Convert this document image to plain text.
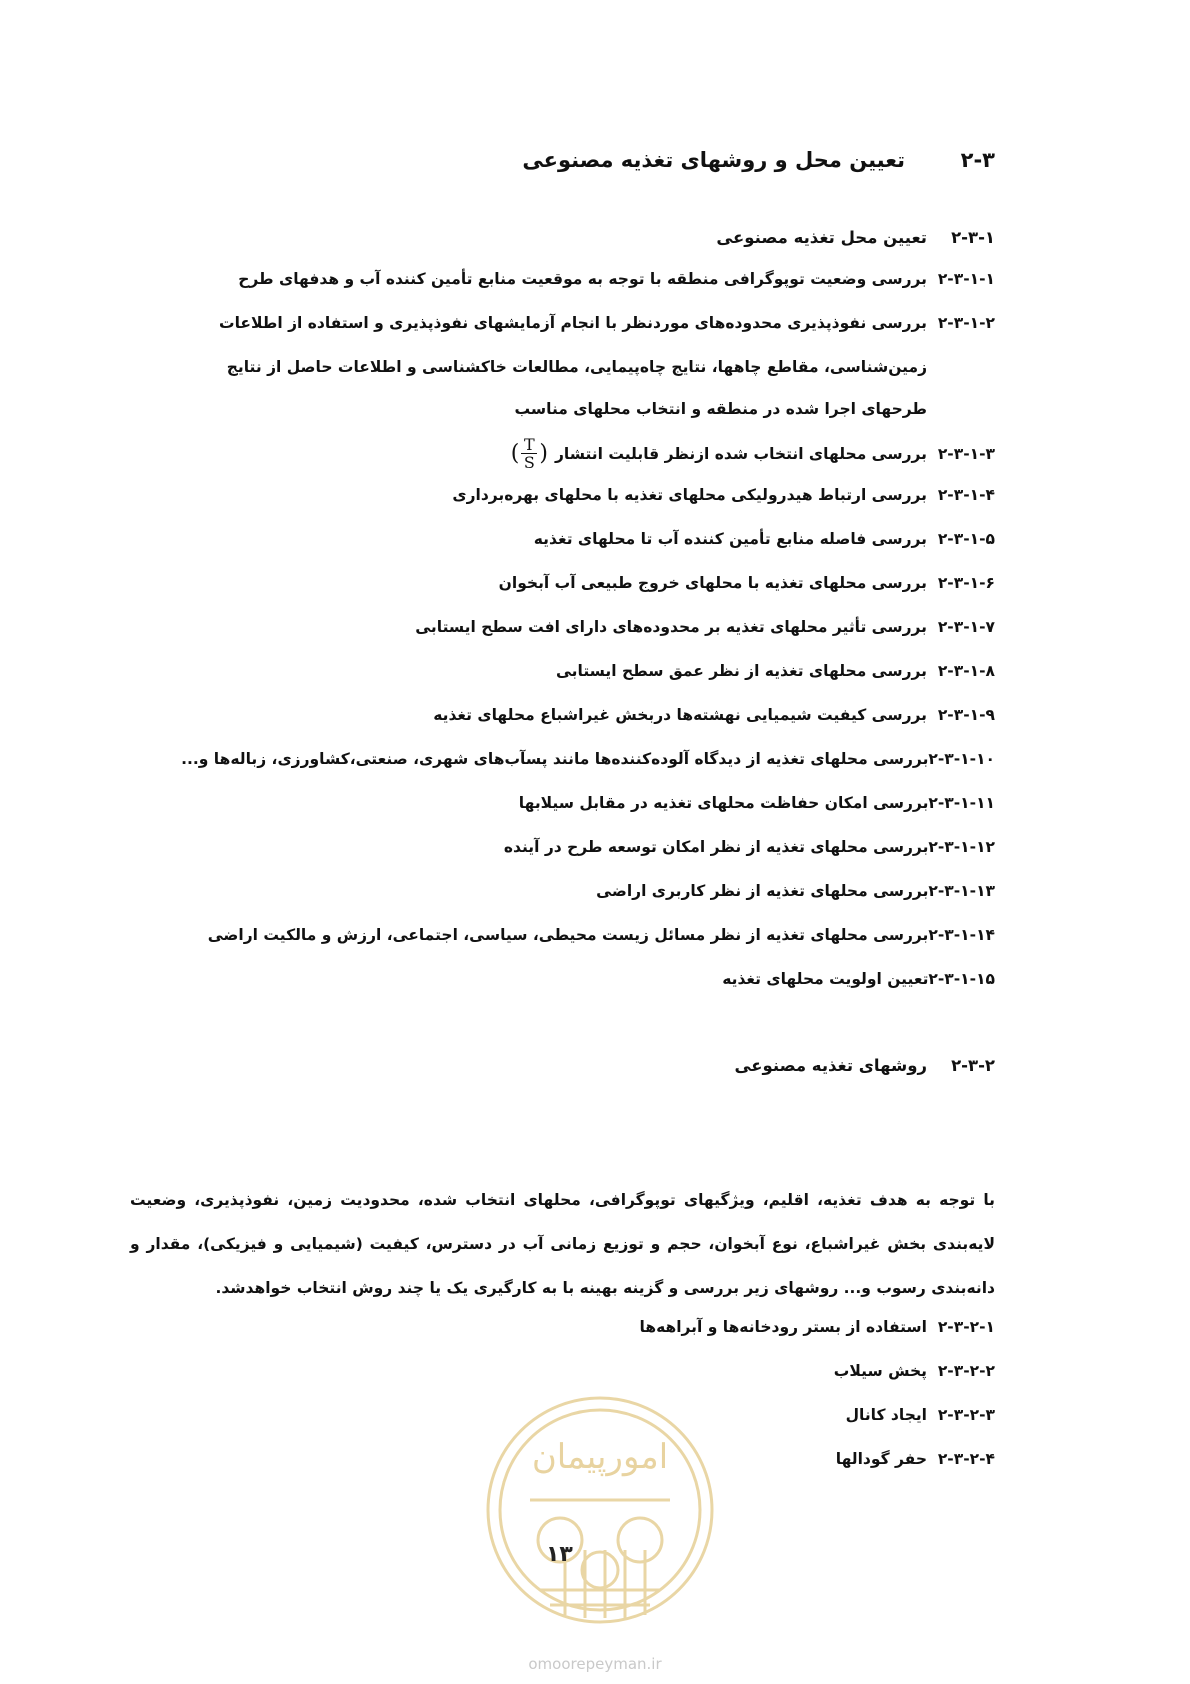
۲-۳
تعیین محل و روشهای تغذیه مصنوعی
۲-۳-۱
تعیین محل تغذیه مصنوعی
۲-۳-۱-۱
بررسی وضعیت توپوگرافی منطقه با توجه به موقعیت منابع تأمین کننده آب و هدفهای طرح
۲-۳-۱-۲
بررسی نفوذپذیری محدوده‌های موردنظر با انجام آزمایشهای نفوذپذیری و استفاده از اطلاعات
زمین‌شناسی، مقاطع چاهها، نتایج چاه‌پیمایی، مطالعات خاکشناسی و اطلاعات حاصل از نتایج
طرحهای اجرا شده در منطقه و انتخاب محلهای مناسب
۲-۳-۱-۳
بررسی محلهای انتخاب شده ازنظر قابلیت انتشار
(
$\frac{T}{S}$
)
۲-۳-۱-۴
بررسی ارتباط هیدرولیکی محلهای تغذیه با محلهای بهره‌برداری
۲-۳-۱-۵
بررسی فاصله منابع تأمین کننده آب تا محلهای تغذیه
۲-۳-۱-۶
بررسی محلهای تغذیه با محلهای خروج طبیعی آب آبخوان
۲-۳-۱-۷
بررسی تأثیر محلهای تغذیه بر محدوده‌های دارای افت سطح ایستابی
۲-۳-۱-۸
بررسی محلهای تغذیه از نظر عمق سطح ایستابی
۲-۳-۱-۹
بررسی کیفیت شیمیایی نهشته‌ها دربخش غیراشباع محلهای تغذیه
۲-۳-۱-۱۰
بررسی محلهای تغذیه از دیدگاه آلوده‌کننده‌ها مانند پسآب‌های شهری، صنعتی،کشاورزی، زباله‌ها و...
۲-۳-۱-۱۱
بررسی امکان حفاظت محلهای تغذیه در مقابل سیلابها
۲-۳-۱-۱۲
بررسی محلهای تغذیه از نظر امکان توسعه طرح در آینده
۲-۳-۱-۱۳
بررسی محلهای تغذیه از نظر کاربری اراضی
۲-۳-۱-۱۴
بررسی محلهای تغذیه از نظر مسائل زیست محیطی، سیاسی، اجتماعی، ارزش و مالکیت اراضی
۲-۳-۱-۱۵
تعیین اولویت محلهای تغذیه
۲-۳-۲
روشهای تغذیه مصنوعی
با توجه به هدف تغذیه، اقلیم، ویژگیهای توپوگرافی، محلهای انتخاب شده، محدودیت زمین، نفوذپذیری، وضعیت لایه‌بندی بخش غیراشباع، نوع آبخوان، حجم و توزیع زمانی آب در دسترس، کیفیت (شیمیایی و فیزیکی)، مقدار و دانه‌بندی رسوب و... روشهای زیر بررسی و گزینه بهینه با به کارگیری یک یا چند روش انتخاب خواهدشد.
۲-۳-۲-۱
استفاده از بستر رودخانه‌ها و آبراهه‌ها
۲-۳-۲-۲
پخش سیلاب
۲-۳-۲-۳
ایجاد کانال
۲-۳-۲-۴
حفر گودالها
امورپیمان
۱۳
omoorepeyman.ir
